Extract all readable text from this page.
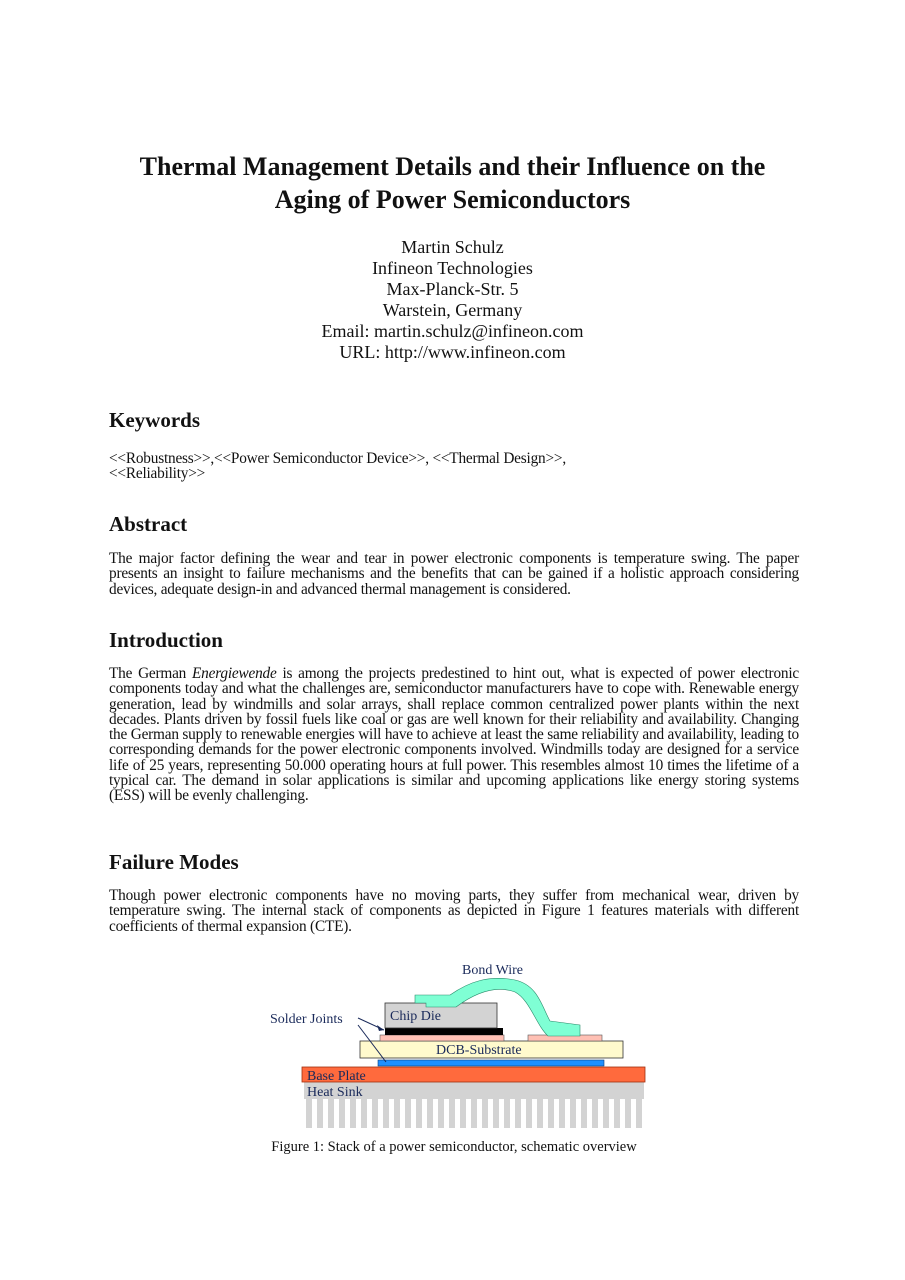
Thermal Management Details and their Influence on the
Aging of Power Semiconductors
Martin Schulz
Infineon Technologies
Max-Planck-Str. 5
Warstein, Germany
Email: martin.schulz@infineon.com
URL: http://www.infineon.com
Keywords
<<Robustness>>,<<Power Semiconductor Device>>, <<Thermal Design>>,
<<Reliability>>
Abstract
The major factor defining the wear and tear in power electronic components is temperature swing. The paper presents an insight to failure mechanisms and the benefits that can be gained if a holistic approach considering devices, adequate design-in and advanced thermal management is considered.
Introduction
The German Energiewende is among the projects predestined to hint out, what is expected of power electronic components today and what the challenges are, semiconductor manufacturers have to cope with. Renewable energy generation, lead by windmills and solar arrays, shall replace common centralized power plants within the next decades. Plants driven by fossil fuels like coal or gas are well known for their reliability and availability. Changing the German supply to renewable energies will have to achieve at least the same reliability and availability, leading to corresponding demands for the power electronic components involved. Windmills today are designed for a service life of 25 years, representing 50.000 operating hours at full power. This resembles almost 10 times the lifetime of a typical car. The demand in solar applications is similar and upcoming applications like energy storing systems (ESS) will be evenly challenging.
Failure Modes
Though power electronic components have no moving parts, they suffer from mechanical wear, driven by temperature swing. The internal stack of components as depicted in Figure 1 features materials with different coefficients of thermal expansion (CTE).
Heat Sink
Base Plate
DCB-Substrate
Chip Die
Bond Wire
Solder Joints
Figure 1: Stack of a power semiconductor, schematic overview
